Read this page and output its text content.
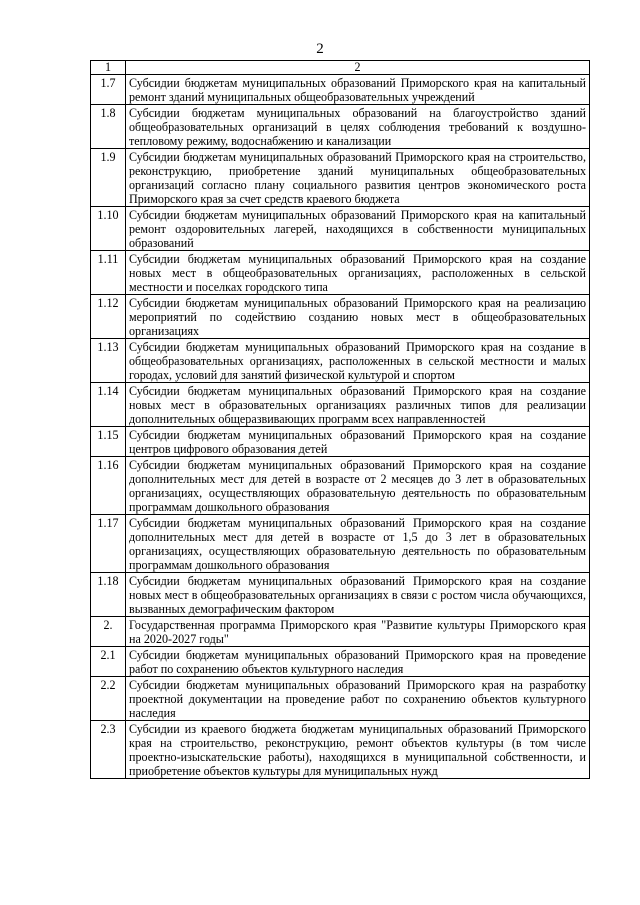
2
1	2
1.7	Субсидии бюджетам муниципальных образований Приморского края на капитальный ремонт зданий муниципальных общеобразовательных учреждений
1.8	Субсидии бюджетам муниципальных образований на благоустройство зданий общеобразовательных организаций в целях соблюдения требований к воздушно-тепловому режиму, водоснабжению и канализации
1.9	Субсидии бюджетам муниципальных образований Приморского края на строительство, реконструкцию, приобретение зданий муниципальных общеобразовательных организаций согласно плану социального развития центров экономического роста Приморского края за счет средств краевого бюджета
1.10	Субсидии бюджетам муниципальных образований Приморского края на капитальный ремонт оздоровительных лагерей, находящихся в собственности муниципальных образований
1.11	Субсидии бюджетам муниципальных образований Приморского края на создание новых мест в общеобразовательных организациях, расположенных в сельской местности и поселках городского типа
1.12	Субсидии бюджетам муниципальных образований Приморского края на реализацию мероприятий по содействию созданию новых мест в общеобразовательных организациях
1.13	Субсидии бюджетам муниципальных образований Приморского края на создание в общеобразовательных организациях, расположенных в сельской местности и малых городах, условий для занятий физической культурой и спортом
1.14	Субсидии бюджетам муниципальных образований Приморского края на создание новых мест в образовательных организациях различных типов для реализации дополнительных общеразвивающих программ всех направленностей
1.15	Субсидии бюджетам муниципальных образований Приморского края на создание центров цифрового образования детей
1.16	Субсидии бюджетам муниципальных образований Приморского края на создание дополнительных мест для детей в возрасте от 2 месяцев до 3 лет в образовательных организациях, осуществляющих образовательную деятельность по образовательным программам дошкольного образования
1.17	Субсидии бюджетам муниципальных образований Приморского края на создание дополнительных мест для детей в возрасте от 1,5 до 3 лет в образовательных организациях, осуществляющих образовательную деятельность по образовательным программам дошкольного образования
1.18	Субсидии бюджетам муниципальных образований Приморского края на создание новых мест в общеобразовательных организациях в связи с ростом числа обучающихся, вызванных демографическим фактором
2.	Государственная программа Приморского края "Развитие культуры Приморского края на 2020-2027 годы"
2.1	Субсидии бюджетам муниципальных образований Приморского края на проведение работ по сохранению объектов культурного наследия
2.2	Субсидии бюджетам муниципальных образований Приморского края на разработку проектной документации на проведение работ по сохранению объектов культурного наследия
2.3	Субсидии из краевого бюджета бюджетам муниципальных образований Приморского края на строительство, реконструкцию, ремонт объектов культуры (в том числе проектно-изыскательские работы), находящихся в муниципальной собственности, и приобретение объектов культуры для муниципальных нужд
